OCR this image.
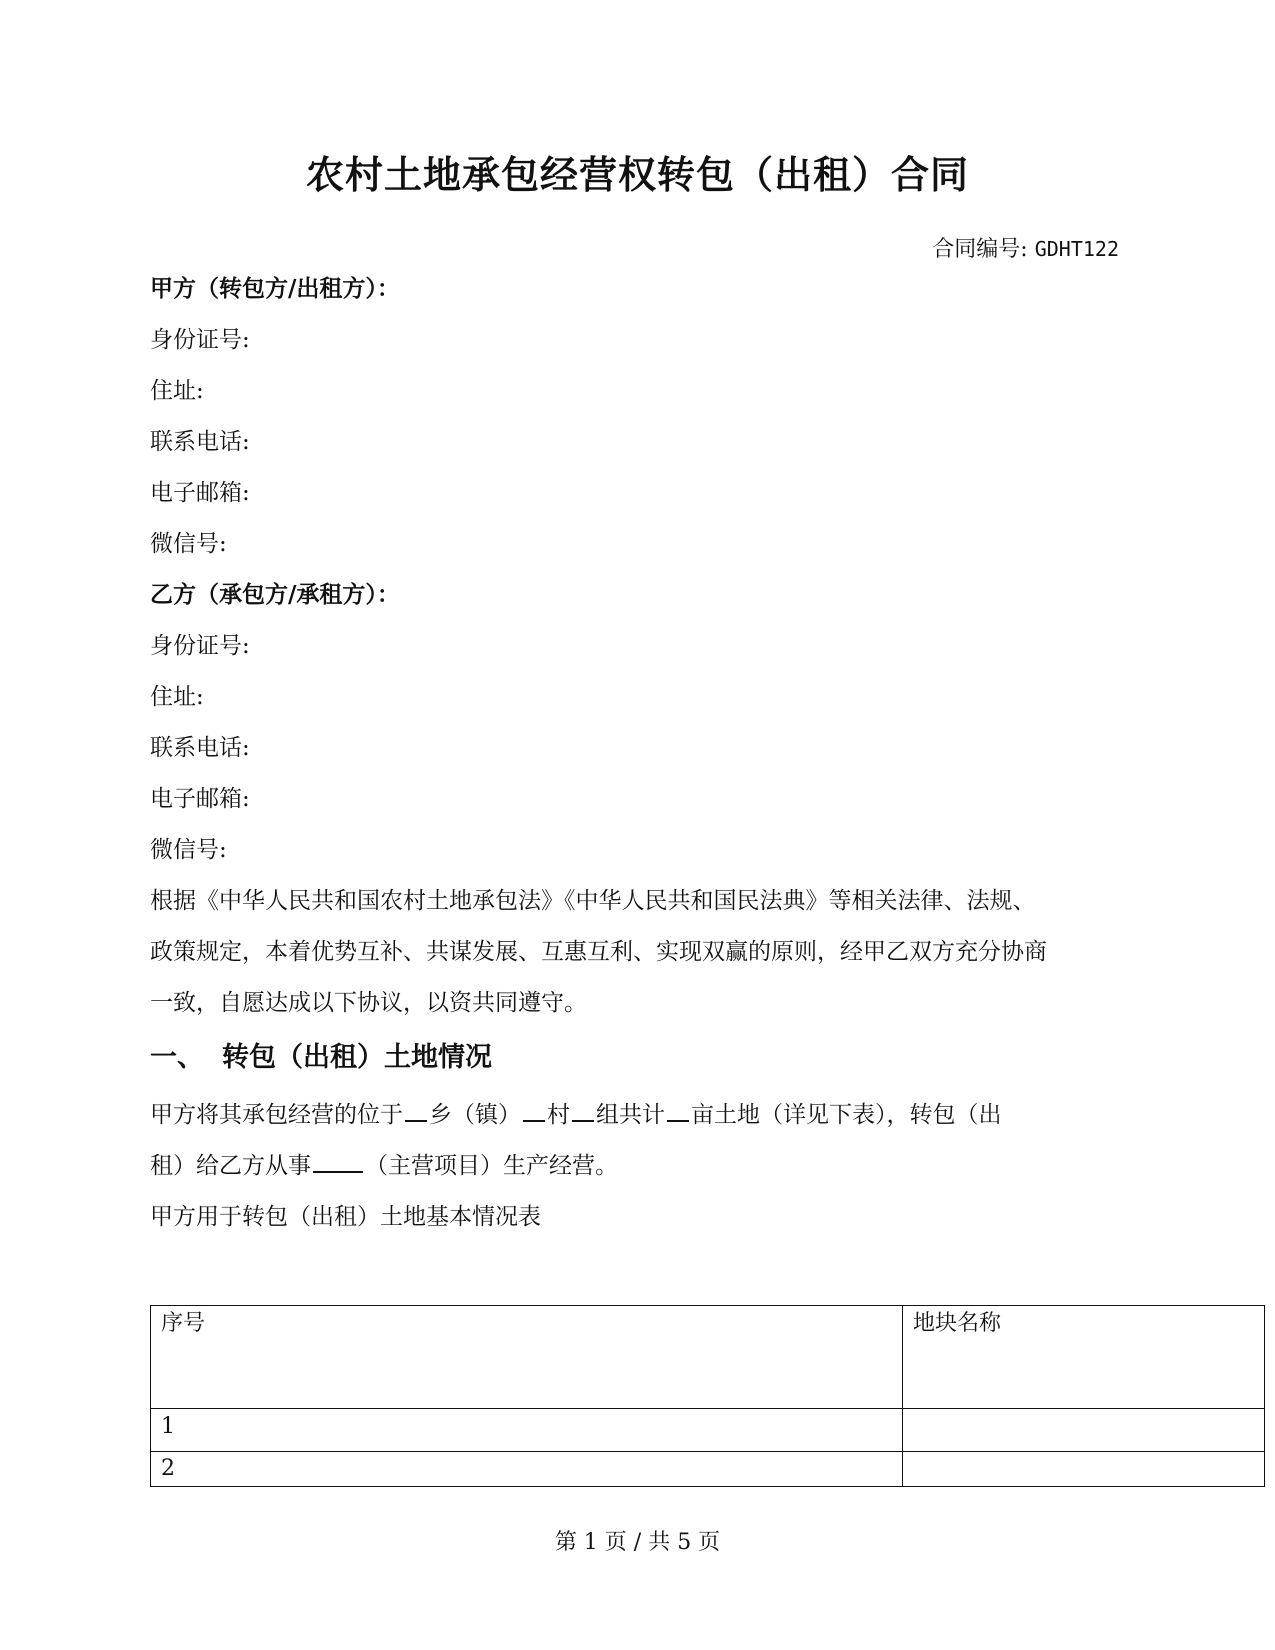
农村土地承包经营权转包（出租）合同
合同编号: GDHT122
甲方（转包方/出租方）：
身份证号:
住址:
联系电话:
电子邮箱:
微信号:
乙方（承包方/承租方）：
身份证号:
住址:
联系电话:
电子邮箱:
微信号:
根据《中华人民共和国农村土地承包法》《中华人民共和国民法典》等相关法律、法规、
政策规定，本着优势互补、共谋发展、互惠互利、实现双赢的原则，经甲乙双方充分协商
一致，自愿达成以下协议，以资共同遵守。
一、 转包（出租）土地情况
甲方将其承包经营的位于 乡（镇） 村 组共计 亩土地（详见下表），转包（出
租）给乙方从事 （主营项目）生产经营。
甲方用于转包（出租）土地基本情况表
序号	地块名称
1	
2	
第 1 页 / 共 5 页
